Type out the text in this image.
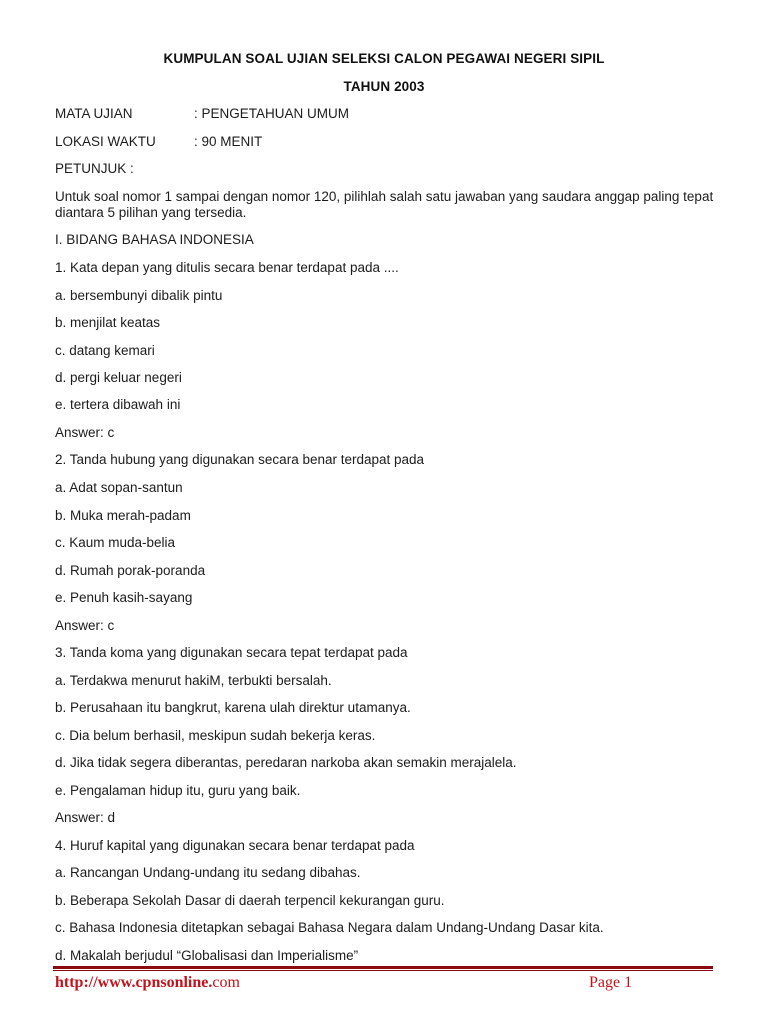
KUMPULAN SOAL UJIAN SELEKSI CALON PEGAWAI NEGERI SIPIL
TAHUN 2003
MATA UJIAN	: PENGETAHUAN UMUM
LOKASI WAKTU	: 90 MENIT
PETUNJUK :
Untuk soal nomor 1 sampai dengan nomor 120, pilihlah salah satu jawaban yang saudara anggap paling tepat diantara 5 pilihan yang tersedia.
I. BIDANG BAHASA INDONESIA
1. Kata depan yang ditulis secara benar terdapat pada ....
a. bersembunyi dibalik pintu
b. menjilat keatas
c. datang kemari
d. pergi keluar negeri
e. tertera dibawah ini
Answer: c
2. Tanda hubung yang digunakan secara benar terdapat pada
a. Adat sopan-santun
b. Muka merah-padam
c. Kaum muda-belia
d. Rumah porak-poranda
e. Penuh kasih-sayang
Answer: c
3. Tanda koma yang digunakan secara tepat terdapat pada
a. Terdakwa menurut hakiM, terbukti bersalah.
b. Perusahaan itu bangkrut, karena ulah direktur utamanya.
c. Dia belum berhasil, meskipun sudah bekerja keras.
d. Jika tidak segera diberantas, peredaran narkoba akan semakin merajalela.
e. Pengalaman hidup itu, guru yang baik.
Answer: d
4. Huruf kapital yang digunakan secara benar terdapat pada
a. Rancangan Undang-undang itu sedang dibahas.
b. Beberapa Sekolah Dasar di daerah terpencil kekurangan guru.
c. Bahasa Indonesia ditetapkan sebagai Bahasa Negara dalam Undang-Undang Dasar kita.
d. Makalah berjudul “Globalisasi dan Imperialisme”
http://www.cpnsonline.com	Page 1
